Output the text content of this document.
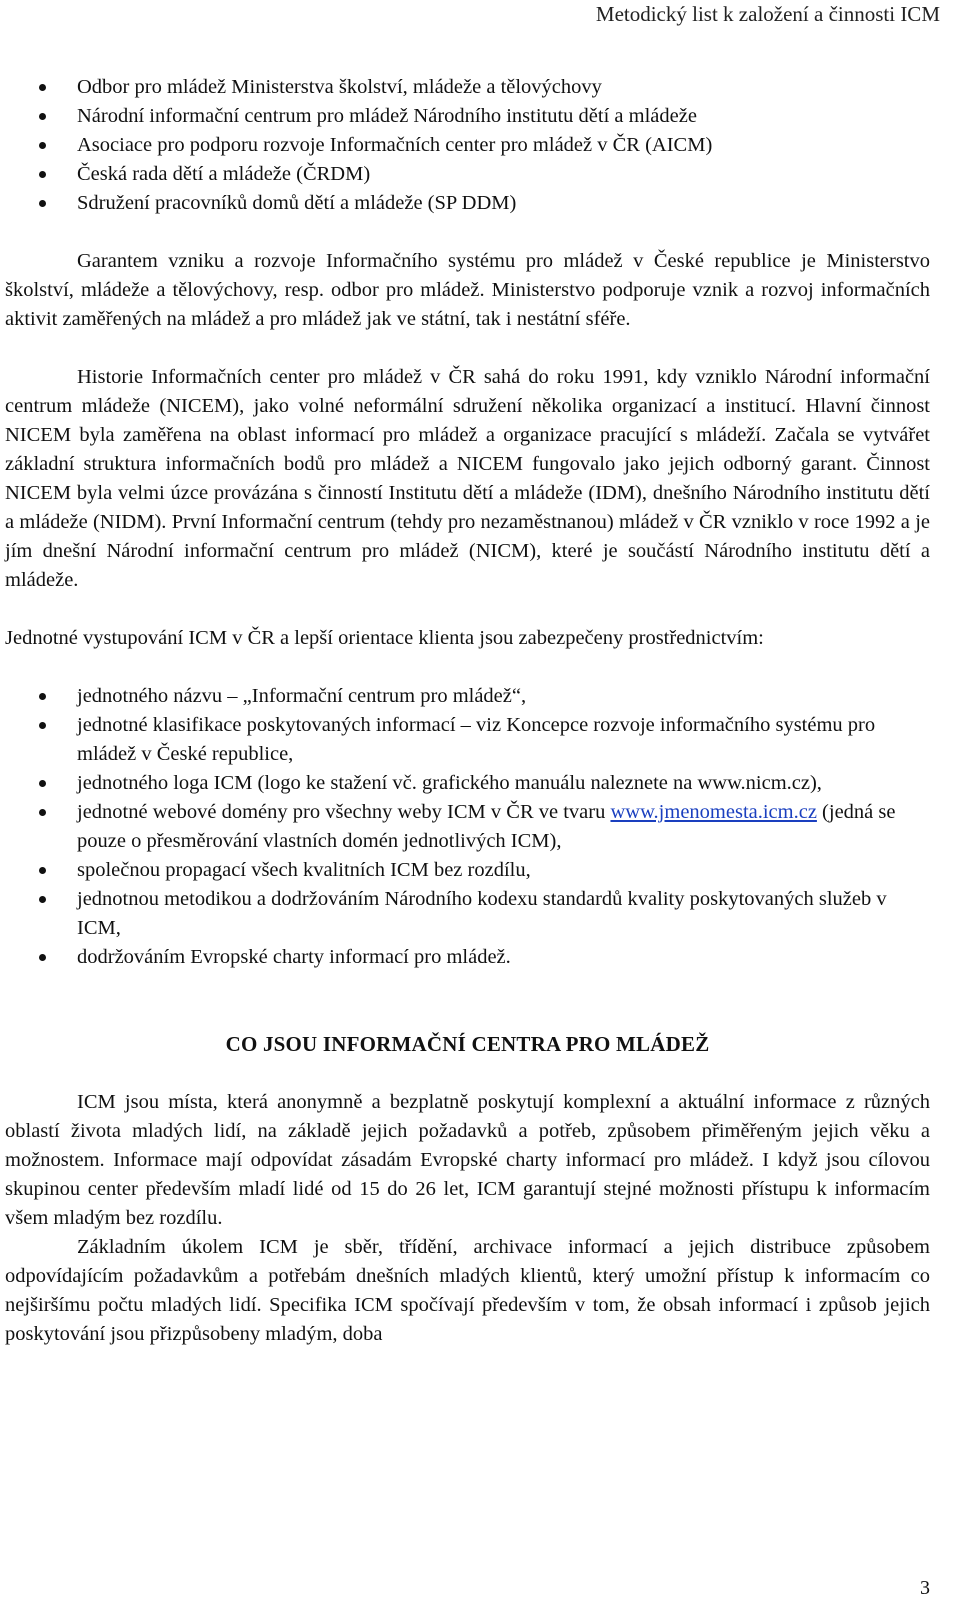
Metodický list k založení a činnosti ICM
Odbor pro mládež Ministerstva školství, mládeže a tělovýchovy
Národní informační centrum pro mládež Národního institutu dětí a mládeže
Asociace pro podporu rozvoje Informačních center pro mládež v ČR (AICM)
Česká rada dětí a mládeže (ČRDM)
Sdružení pracovníků domů dětí a mládeže (SP DDM)

Garantem vzniku a rozvoje Informačního systému pro mládež v České republice je Ministerstvo školství, mládeže a tělovýchovy, resp. odbor pro mládež. Ministerstvo podporuje vznik a rozvoj informačních aktivit zaměřených na mládež a pro mládež jak ve státní, tak i nestátní sféře.

Historie Informačních center pro mládež v ČR sahá do roku 1991, kdy vzniklo Národní informační centrum mládeže (NICEM), jako volné neformální sdružení několika organizací a institucí. Hlavní činnost NICEM byla zaměřena na oblast informací pro mládež a organizace pracující s mládeží. Začala se vytvářet základní struktura informačních bodů pro mládež a NICEM fungovalo jako jejich odborný garant. Činnost NICEM byla velmi úzce provázána s činností Institutu dětí a mládeže (IDM), dnešního Národního institutu dětí a mládeže (NIDM). První Informační centrum (tehdy pro nezaměstnanou) mládež v ČR vzniklo v roce 1992 a je jím dnešní Národní informační centrum pro mládež (NICM), které je součástí Národního institutu dětí a mládeže.

Jednotné vystupování ICM v ČR a lepší orientace klienta jsou zabezpečeny prostřednictvím:

jednotného názvu – „Informační centrum pro mládež“,
jednotné klasifikace poskytovaných informací – viz Koncepce rozvoje informačního systému pro mládež v České republice,
jednotného loga ICM (logo ke stažení vč. grafického manuálu naleznete na www.nicm.cz),
jednotné webové domény pro všechny weby ICM v ČR ve tvaru www.jmenomesta.icm.cz (jedná se pouze o přesměrování vlastních domén jednotlivých ICM),
společnou propagací všech kvalitních ICM bez rozdílu,
jednotnou metodikou a dodržováním Národního kodexu standardů kvality poskytovaných služeb v ICM,
dodržováním Evropské charty informací pro mládež.
CO JSOU INFORMAČNÍ CENTRA PRO MLÁDEŽ

ICM jsou místa, která anonymně a bezplatně poskytují komplexní a aktuální informace z různých oblastí života mladých lidí, na základě jejich požadavků a potřeb, způsobem přiměřeným jejich věku a možnostem. Informace mají odpovídat zásadám Evropské charty informací pro mládež. I když jsou cílovou skupinou center především mladí lidé od 15 do 26 let, ICM garantují stejné možnosti přístupu k informacím všem mladým bez rozdílu.

Základním úkolem ICM je sběr, třídění, archivace informací a jejich distribuce způsobem odpovídajícím požadavkům a potřebám dnešních mladých klientů, který umožní přístup k informacím co nejširšímu počtu mladých lidí. Specifika ICM spočívají především v tom, že obsah informací i způsob jejich poskytování jsou přizpůsobeny mladým, doba

3
